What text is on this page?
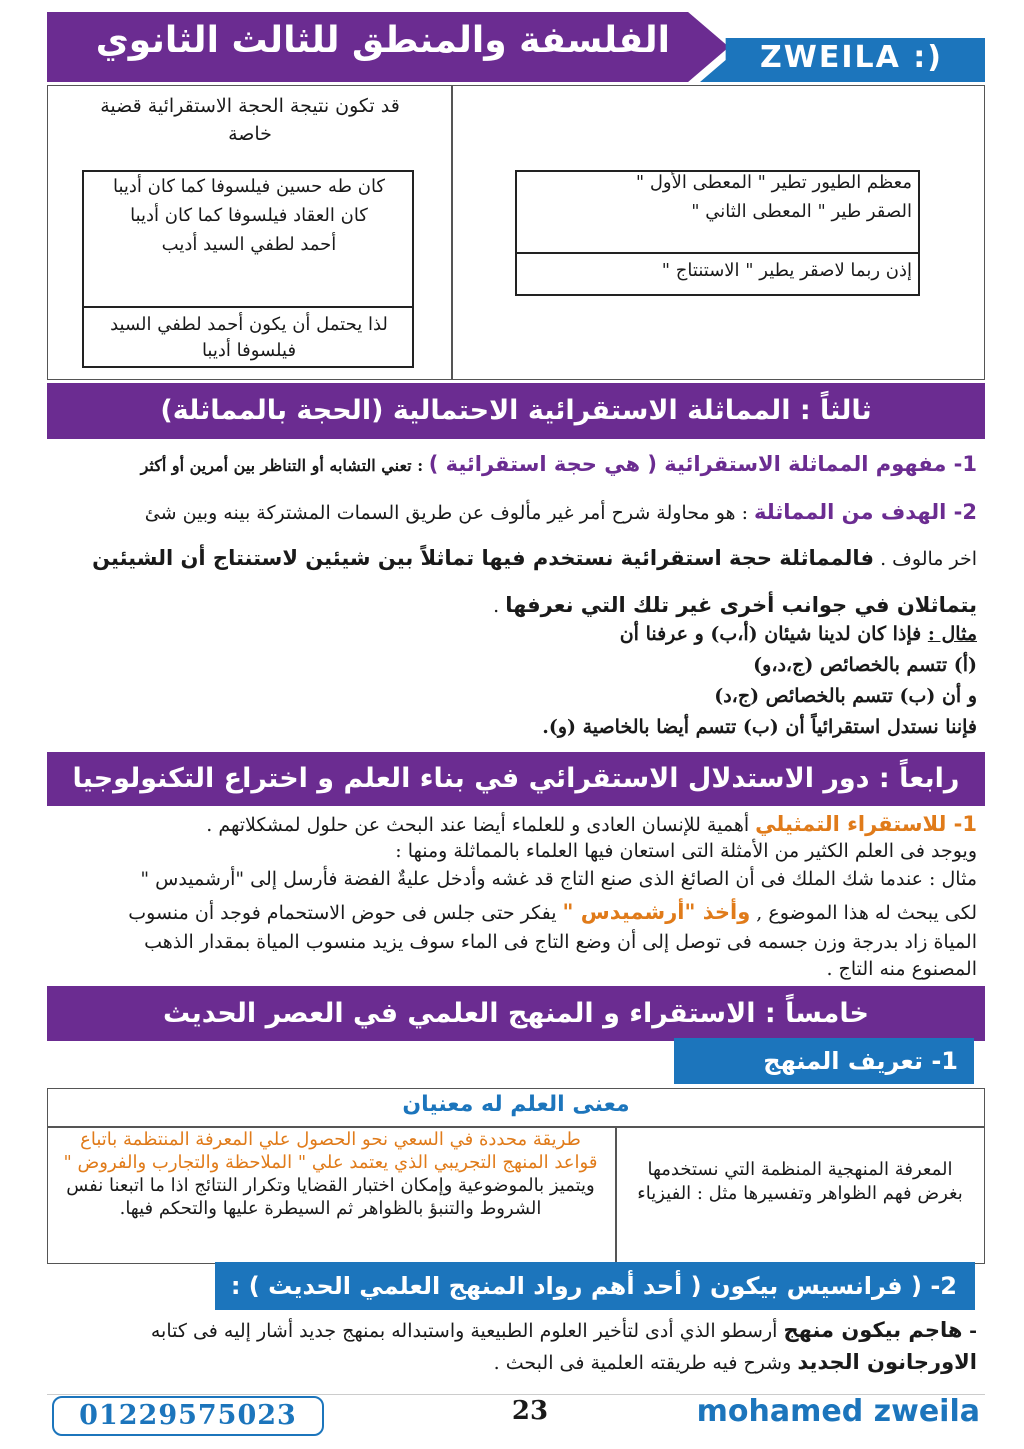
الفلسفة والمنطق للثالث الثانوي	ZWEILA :)
قد تكون نتيجة الحجة الاستقرائية قضية خاصة
كان طه حسين فيلسوفا كما كان أديبا
كان العقاد فيلسوفا كما كان أديبا
أحمد لطفي السيد أديب
لذا يحتمل أن يكون أحمد لطفي السيد فيلسوفا أديبا
معظم الطيور تطير " المعطى الأول "
الصقر طير " المعطى الثاني "
إذن ربما لاصقر يطير " الاستنتاج "
ثالثاً : المماثلة الاستقرائية الاحتمالية (الحجة بالمماثلة)
1- مفهوم المماثلة الاستقرائية ( هي حجة استقرائية ) : تعني التشابه أو التناظر بين أمرين أو أكثر
2- الهدف من المماثلة : هو محاولة شرح أمر غير مألوف عن طريق السمات المشتركة بينه وبين شئ
اخر مالوف . فالمماثلة حجة استقرائية نستخدم فيها تماثلاً بين شيئين لاستنتاج أن الشيئين
يتماثلان في جوانب أخرى غير تلك التي نعرفها .
مثال : فإذا كان لدينا شيئان (أ،ب) و عرفنا أن
(أ) تتسم بالخصائص (ج،د،و)
و أن (ب) تتسم بالخصائص (ج،د)
فإننا نستدل استقرائياً أن (ب) تتسم أيضا بالخاصية (و).
رابعاً : دور الاستدلال الاستقرائي في بناء العلم و اختراع التكنولوجيا
1- للاستقراء التمثيلي أهمية للإنسان العادى و للعلماء أيضا عند البحث عن حلول لمشكلاتهم .
ويوجد فى العلم الكثير من الأمثلة التى استعان فيها العلماء بالمماثلة ومنها :
مثال : عندما شك الملك فى أن الصائغ الذى صنع التاج قد غشه وأدخل عليةٌ الفضة فأرسل إلى "أرشميدس "
لكى يبحث له هذا الموضوع , وأخذ "أرشميدس " يفكر حتى جلس فى حوض الاستحمام فوجد أن منسوب
المياة زاد بدرجة وزن جسمه فى توصل إلى أن وضع التاج فى الماء سوف يزيد منسوب المياة بمقدار الذهب
المصنوع منه التاج .
خامساً : الاستقراء و المنهج العلمي في العصر الحديث
1- تعريف المنهج العلمي :
معنى العلم له معنيان
المعرفة المنهجية المنظمة التي نستخدمها بغرض فهم الظواهر وتفسيرها مثل : الفيزياء
طريقة محددة في السعي نحو الحصول علي المعرفة المنتظمة باتباع قواعد المنهج التجريبي الذي يعتمد علي " الملاحظة والتجارب والفروض " ويتميز بالموضوعية وإمكان اختبار القضايا وتكرار النتائج اذا ما اتبعنا نفس الشروط والتنبؤ بالظواهر ثم السيطرة عليها والتحكم فيها.
2- ( فرانسيس بيكون ( أحد أهم رواد المنهج العلمي الحديث ) :
- هاجم بيكون منهج أرسطو الذي أدى لتأخير العلوم الطبيعية واستبداله بمنهج جديد أشار إليه فى كتابه
الاورجانون الجديد وشرح فيه طريقته العلمية فى البحث .
01229575023	23	mohamed zweila
